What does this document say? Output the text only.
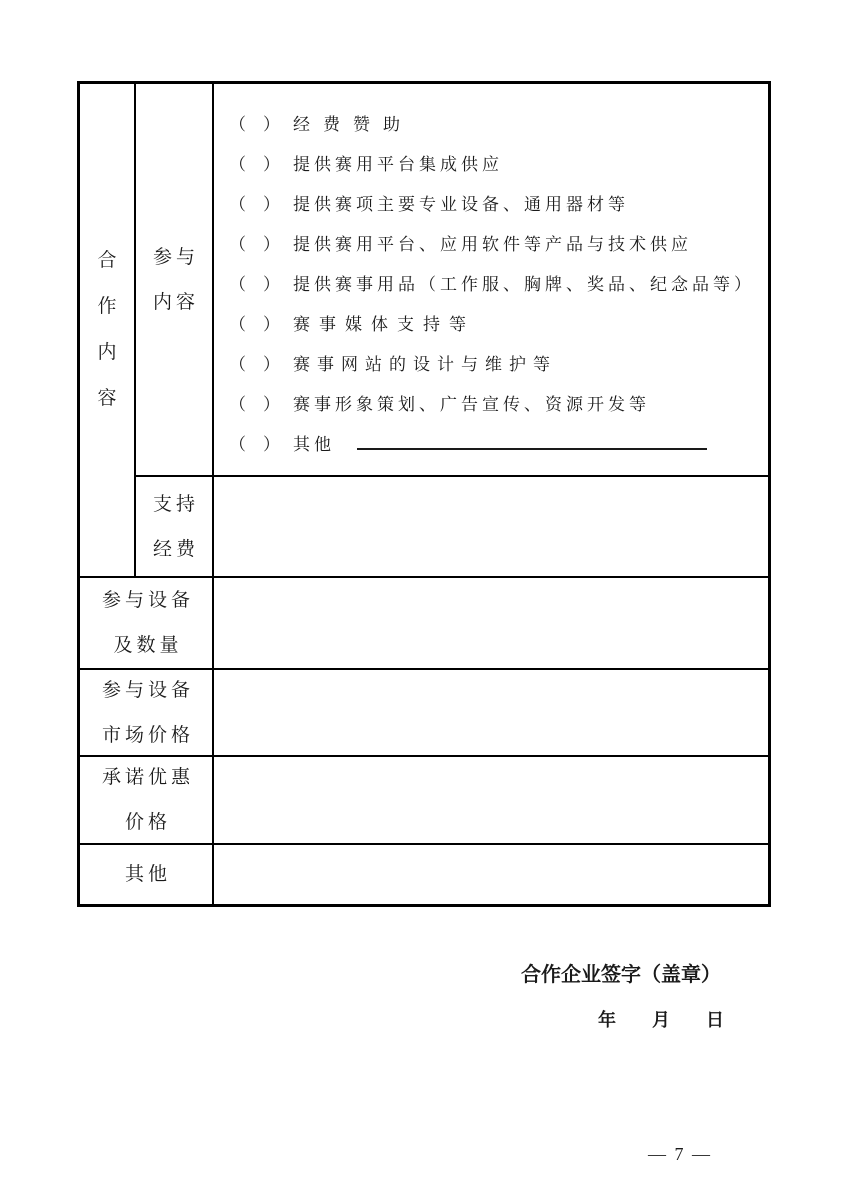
合
作
内
容
参与
内容
（　） 经费赞助
（　） 提供赛用平台集成供应
（　） 提供赛项主要专业设备、通用器材等
（　） 提供赛用平台、应用软件等产品与技术供应
（　） 提供赛事用品（工作服、胸牌、奖品、纪念品等）
（　） 赛事媒体支持等
（　） 赛事网站的设计与维护等
（　） 赛事形象策划、广告宣传、资源开发等
（　） 其他
支持
经费
参与设备
及数量
参与设备
市场价格
承诺优惠
价格
其他
合作企业签字（盖章）
年　　月　　日
— 7 —
